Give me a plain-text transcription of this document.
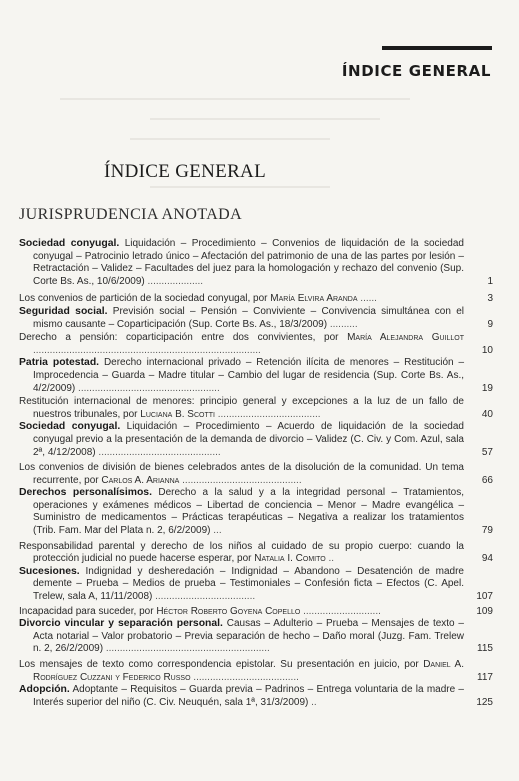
ÍNDICE GENERAL
ÍNDICE GENERAL
JURISPRUDENCIA ANOTADA
Sociedad conyugal. Liquidación – Procedimiento – Convenios de liquidación de la sociedad conyugal – Patrocinio letrado único – Afectación del patrimonio de una de las partes por lesión – Retractación – Validez – Facultades del juez para la homologación y rechazo del convenio (Sup. Corte Bs. As., 10/6/2009) ....................	1
Los convenios de partición de la sociedad conyugal, por María Elvira Aranda ......	3
Seguridad social. Previsión social – Pensión – Conviviente – Convivencia simultánea con el mismo causante – Coparticipación (Sup. Corte Bs. As., 18/3/2009) ..........	9
Derecho a pensión: coparticipación entre dos convivientes, por María Alejandra Guillot ..................................................................................	10
Patria potestad. Derecho internacional privado – Retención ilícita de menores – Restitución – Improcedencia – Guarda – Madre titular – Cambio del lugar de residencia (Sup. Corte Bs. As., 4/2/2009) ...................................................	19
Restitución internacional de menores: principio general y excepciones a la luz de un fallo de nuestros tribunales, por Luciana B. Scotti .....................................	40
Sociedad conyugal. Liquidación – Procedimiento – Acuerdo de liquidación de la sociedad conyugal previo a la presentación de la demanda de divorcio – Validez (C. Civ. y Com. Azul, sala 2ª, 4/12/2008) ............................................	57
Los convenios de división de bienes celebrados antes de la disolución de la comunidad. Un tema recurrente, por Carlos A. Arianna ...........................................	66
Derechos personalísimos. Derecho a la salud y a la integridad personal – Tratamientos, operaciones y exámenes médicos – Libertad de conciencia – Menor – Madre evangélica – Suministro de medicamentos – Prácticas terapéuticas – Negativa a realizar los tratamientos (Trib. Fam. Mar del Plata n. 2, 6/2/2009) ...	79
Responsabilidad parental y derecho de los niños al cuidado de su propio cuerpo: cuando la protección judicial no puede hacerse esperar, por Natalia I. Comito ..	94
Sucesiones. Indignidad y desheredación – Indignidad – Abandono – Desatención de madre demente – Prueba – Medios de prueba – Testimoniales – Confesión ficta – Efectos (C. Apel. Trelew, sala A, 11/11/2008) ....................................	107
Incapacidad para suceder, por Héctor Roberto Goyena Copello ............................	109
Divorcio vincular y separación personal. Causas – Adulterio – Prueba – Mensajes de texto – Acta notarial – Valor probatorio – Previa separación de hecho – Daño moral (Juzg. Fam. Trelew n. 2, 26/2/2009) ...........................................................	115
Los mensajes de texto como correspondencia epistolar. Su presentación en juicio, por Daniel A. Rodríguez Cuzzani y Federico Russo ......................................	117
Adopción. Adoptante – Requisitos – Guarda previa – Padrinos – Entrega voluntaria de la madre – Interés superior del niño (C. Civ. Neuquén, sala 1ª, 31/3/2009) ..	125
